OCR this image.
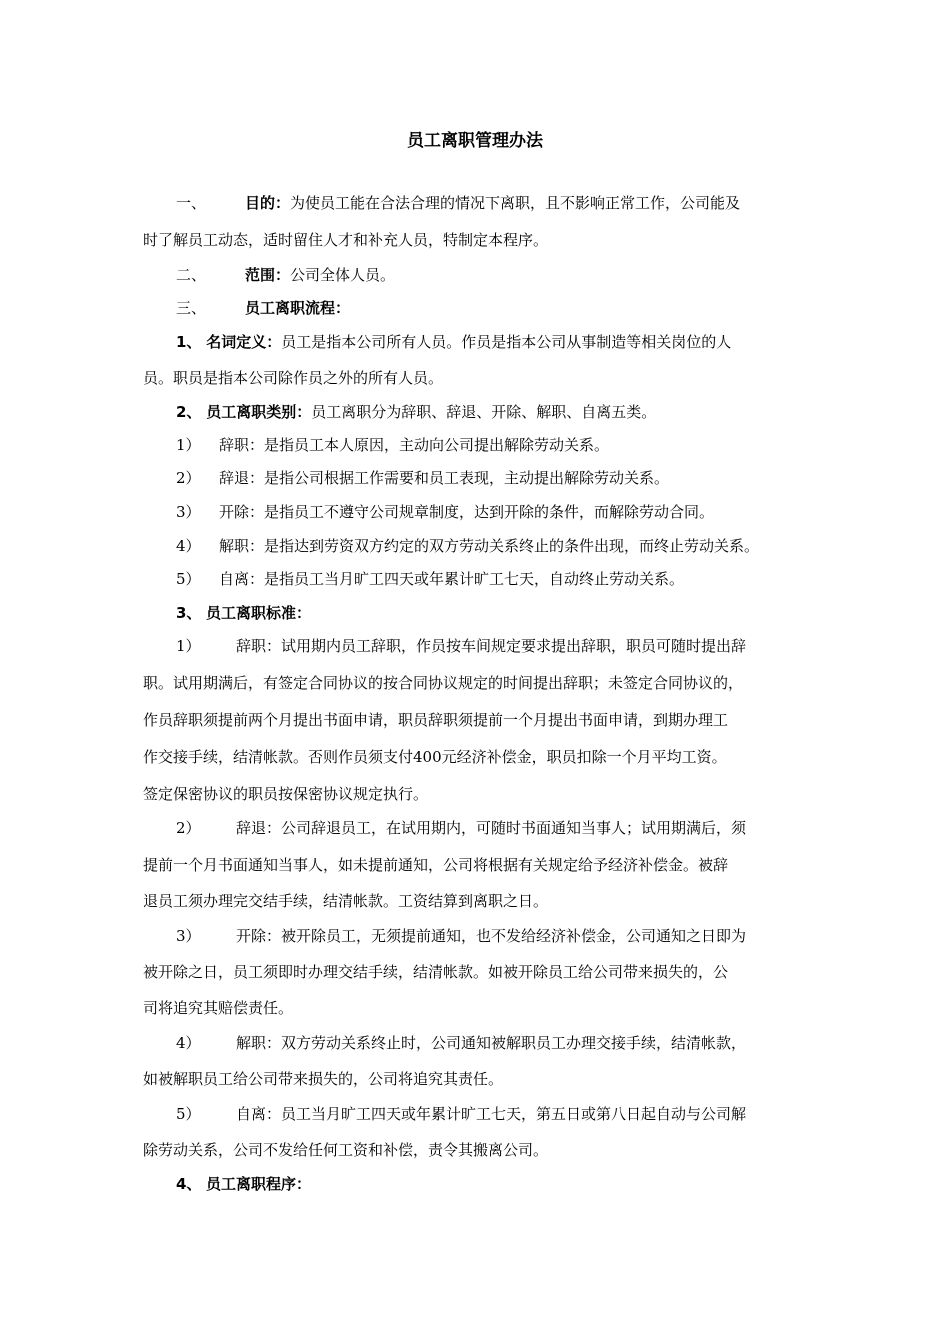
员工离职管理办法
一、	目的：为使员工能在合法合理的情况下离职，且不影响正常工作，公司能及
时了解员工动态，适时留住人才和补充人员，特制定本程序。
二、	范围：公司全体人员。
三、	员工离职流程：
1、 名词定义：员工是指本公司所有人员。作员是指本公司从事制造等相关岗位的人
员。职员是指本公司除作员之外的所有人员。
2、 员工离职类别：员工离职分为辞职、辞退、开除、解职、自离五类。
1） 辞职：是指员工本人原因，主动向公司提出解除劳动关系。
2） 辞退：是指公司根据工作需要和员工表现，主动提出解除劳动关系。
3） 开除：是指员工不遵守公司规章制度，达到开除的条件，而解除劳动合同。
4） 解职：是指达到劳资双方约定的双方劳动关系终止的条件出现，而终止劳动关系。
5） 自离：是指员工当月旷工四天或年累计旷工七天，自动终止劳动关系。
3、 员工离职标准：
1） 辞职：试用期内员工辞职，作员按车间规定要求提出辞职，职员可随时提出辞
职。试用期满后，有签定合同协议的按合同协议规定的时间提出辞职；未签定合同协议的，
作员辞职须提前两个月提出书面申请，职员辞职须提前一个月提出书面申请，到期办理工
作交接手续，结清帐款。否则作员须支付400元经济补偿金，职员扣除一个月平均工资。
签定保密协议的职员按保密协议规定执行。
2） 辞退：公司辞退员工，在试用期内，可随时书面通知当事人；试用期满后，须
提前一个月书面通知当事人，如未提前通知，公司将根据有关规定给予经济补偿金。被辞
退员工须办理完交结手续，结清帐款。工资结算到离职之日。
3） 开除：被开除员工，无须提前通知，也不发给经济补偿金，公司通知之日即为
被开除之日，员工须即时办理交结手续，结清帐款。如被开除员工给公司带来损失的，公
司将追究其赔偿责任。
4） 解职：双方劳动关系终止时，公司通知被解职员工办理交接手续，结清帐款，
如被解职员工给公司带来损失的，公司将追究其责任。
5） 自离：员工当月旷工四天或年累计旷工七天，第五日或第八日起自动与公司解
除劳动关系，公司不发给任何工资和补偿，责令其搬离公司。
4、 员工离职程序：
